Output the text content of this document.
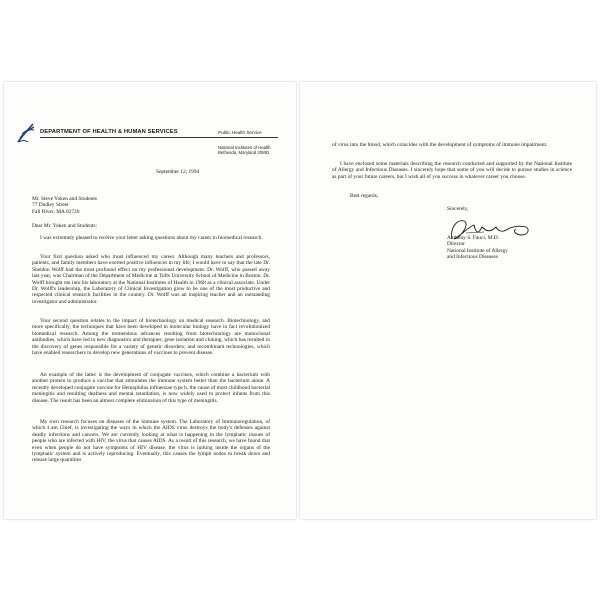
DEPARTMENT OF HEALTH & HUMAN SERVICES	Public Health Service
National Institutes of Health
Bethesda, Maryland 20892
September 12, 1994
Mr. Steve Yoken and Students
77 Dudley Street
Fall River, MA 02720
Dear Mr. Yoken and Students:
I was extremely pleased to receive your letter asking questions about my career in biomedical research.
Your first question asked who most influenced my career. Although many teachers and professors, patients, and family members have exerted positive influences in my life, I would have to say that the late Dr. Sheldon Wolff had the most profound effect on my professional development. Dr. Wolff, who passed away last year, was Chairman of the Department of Medicine at Tufts University School of Medicine in Boston. Dr. Wolff brought me into his laboratory at the National Institutes of Health in 1968 as a clinical associate. Under Dr. Wolff's leadership, the Laboratory of Clinical Investigation grew to be one of the most productive and respected clinical research facilities in the country. Dr. Wolff was an inspiring teacher and an outstanding investigator and administrator.
Your second question relates to the impact of biotechnology on medical research. Biotechnology, and more specifically, the techniques that have been developed in molecular biology have in fact revolutionized biomedical research. Among the tremendous advances resulting from biotechnology are monoclonal antibodies, which have led to new diagnostics and therapies; gene isolation and cloning, which has resulted in the discovery of genes responsible for a variety of genetic disorders; and recombinant technologies, which have enabled researchers to develop new generations of vaccines to prevent disease.
An example of the latter is the development of conjugate vaccines, which combine a bacterium with another protein to produce a vaccine that stimulates the immune system better than the bacterium alone. A recently developed conjugate vaccine for Hemophilus influenzae type b, the cause of most childhood bacterial meningitis and resulting deafness and mental retardation, is now widely used to protect infants from this disease. The result has been an almost complete elimination of this type of meningitis.
My own research focuses on diseases of the immune system. The Laboratory of Immunoregulation, of which I am Chief, is investigating the ways in which the AIDS virus destroys the body's defenses against deadly infections and cancers. We are currently looking at what is happening in the lymphatic tissues of people who are infected with HIV, the virus that causes AIDS. As a result of this research, we have found that even when people do not have symptoms of HIV disease, the virus is lurking inside the organs of the lymphatic system and is actively reproducing. Eventually, this causes the lymph nodes to break down and release large quantities
of virus into the blood, which coincides with the development of symptoms of immune impairment.
I have enclosed some materials describing the research conducted and supported by the National Institute of Allergy and Infectious Diseases. I sincerely hope that some of you will decide to pursue studies in science as part of your future careers, but I wish all of you success in whatever career you choose.
Best regards,
Sincerely,
Anthony S. Fauci, M.D.
Director
National Institute of Allergy
and Infectious Diseases
